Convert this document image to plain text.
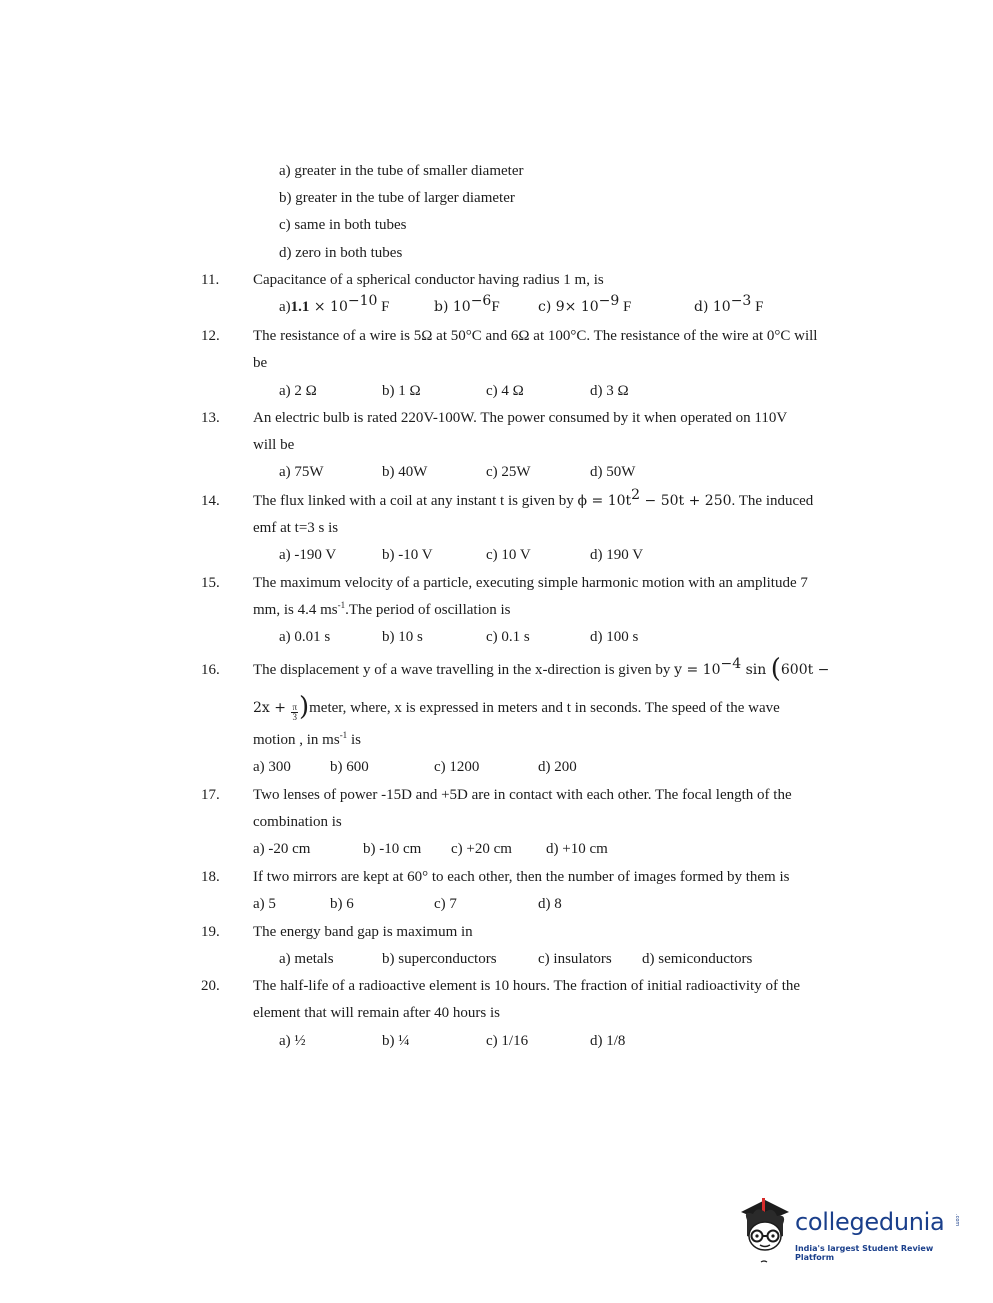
a) greater in the tube of smaller diameter
b) greater in the tube of larger diameter
c) same in both tubes
d) zero in both tubes
11. Capacitance of a spherical conductor having radius 1 m, is
$a)1.1 \times 10^{-10}$ F	b) $10^{-6}F$	c) $9\times 10^{-9}$ F	d) $10^{-3}$ F
12. The resistance of a wire is 5Ω at 50°C and 6Ω at 100°C. The resistance of the wire at 0°C will
be
a) 2 Ω	b) 1 Ω	c) 4 Ω	d) 3 Ω
13. An electric bulb is rated 220V-100W. The power consumed by it when operated on 110V
will be
a) 75W	b) 40W	c) 25W	d) 50W
14. The flux linked with a coil at any instant t is given by $\phi = 10t^2 - 50t + 250$. The induced
emf at t=3 s is
a) -190 V	b) -10 V	c) 10 V	d) 190 V
15. The maximum velocity of a particle, executing simple harmonic motion with an amplitude 7
mm, is 4.4 $ms^{-1}.The$ period of oscillation is
a) 0.01 s	b) 10 s	c) 0.1 s	d) 100 s
16. The displacement y of a wave travelling in the x-direction is given by $y = 10^{-4}$ sin (600t −
$2x + \frac{\pi}{3}$ )meter, where, x is expressed in meters and t in seconds. The speed of the wave
motion , in $ms^{-1}$ is
a) 300	b) 600	c) 1200	d) 200
17. Two lenses of power -15D and +5D are in contact with each other. The focal length of the
combination is
a) -20 cm	b) -10 cm c) +20 cm d) +10 cm
18. If two mirrors are kept at 60° to each other, then the number of images formed by them is
a) 5	b) 6	c) 7	d) 8
19. The energy band gap is maximum in
a) metals	b) superconductors	c) insulators d) semiconductors
20. The half-life of a radioactive element is 10 hours. The fraction of initial radioactivity of the
element that will remain after 40 hours is
a) ½	b) ¼	c) 1/16	d) 1/8
collegedunia .com
India's largest Student Review Platform
